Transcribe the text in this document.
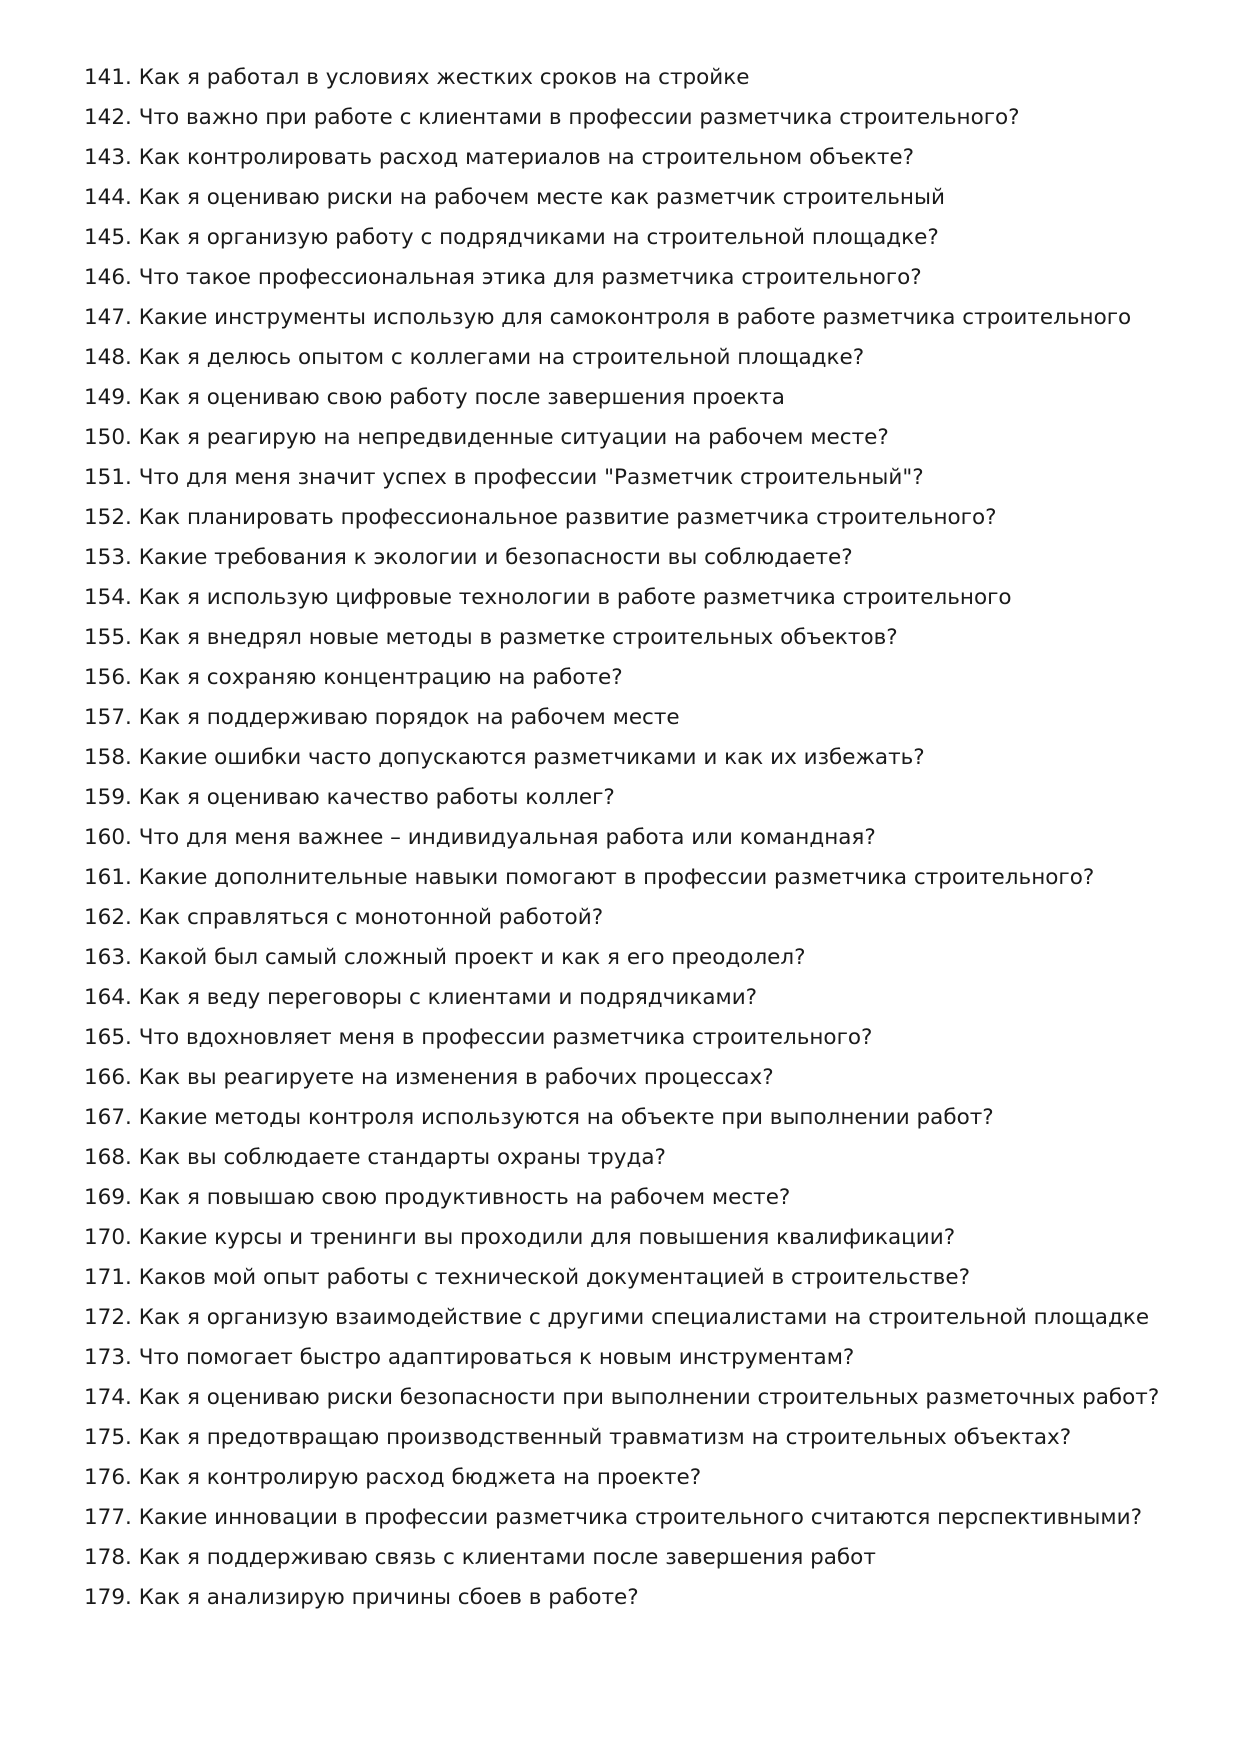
141. Как я работал в условиях жестких сроков на стройке
142. Что важно при работе с клиентами в профессии разметчика строительного?
143. Как контролировать расход материалов на строительном объекте?
144. Как я оцениваю риски на рабочем месте как разметчик строительный
145. Как я организую работу с подрядчиками на строительной площадке?
146. Что такое профессиональная этика для разметчика строительного?
147. Какие инструменты использую для самоконтроля в работе разметчика строительного
148. Как я делюсь опытом с коллегами на строительной площадке?
149. Как я оцениваю свою работу после завершения проекта
150. Как я реагирую на непредвиденные ситуации на рабочем месте?
151. Что для меня значит успех в профессии "Разметчик строительный"?
152. Как планировать профессиональное развитие разметчика строительного?
153. Какие требования к экологии и безопасности вы соблюдаете?
154. Как я использую цифровые технологии в работе разметчика строительного
155. Как я внедрял новые методы в разметке строительных объектов?
156. Как я сохраняю концентрацию на работе?
157. Как я поддерживаю порядок на рабочем месте
158. Какие ошибки часто допускаются разметчиками и как их избежать?
159. Как я оцениваю качество работы коллег?
160. Что для меня важнее – индивидуальная работа или командная?
161. Какие дополнительные навыки помогают в профессии разметчика строительного?
162. Как справляться с монотонной работой?
163. Какой был самый сложный проект и как я его преодолел?
164. Как я веду переговоры с клиентами и подрядчиками?
165. Что вдохновляет меня в профессии разметчика строительного?
166. Как вы реагируете на изменения в рабочих процессах?
167. Какие методы контроля используются на объекте при выполнении работ?
168. Как вы соблюдаете стандарты охраны труда?
169. Как я повышаю свою продуктивность на рабочем месте?
170. Какие курсы и тренинги вы проходили для повышения квалификации?
171. Каков мой опыт работы с технической документацией в строительстве?
172. Как я организую взаимодействие с другими специалистами на строительной площадке
173. Что помогает быстро адаптироваться к новым инструментам?
174. Как я оцениваю риски безопасности при выполнении строительных разметочных работ?
175. Как я предотвращаю производственный травматизм на строительных объектах?
176. Как я контролирую расход бюджета на проекте?
177. Какие инновации в профессии разметчика строительного считаются перспективными?
178. Как я поддерживаю связь с клиентами после завершения работ
179. Как я анализирую причины сбоев в работе?
